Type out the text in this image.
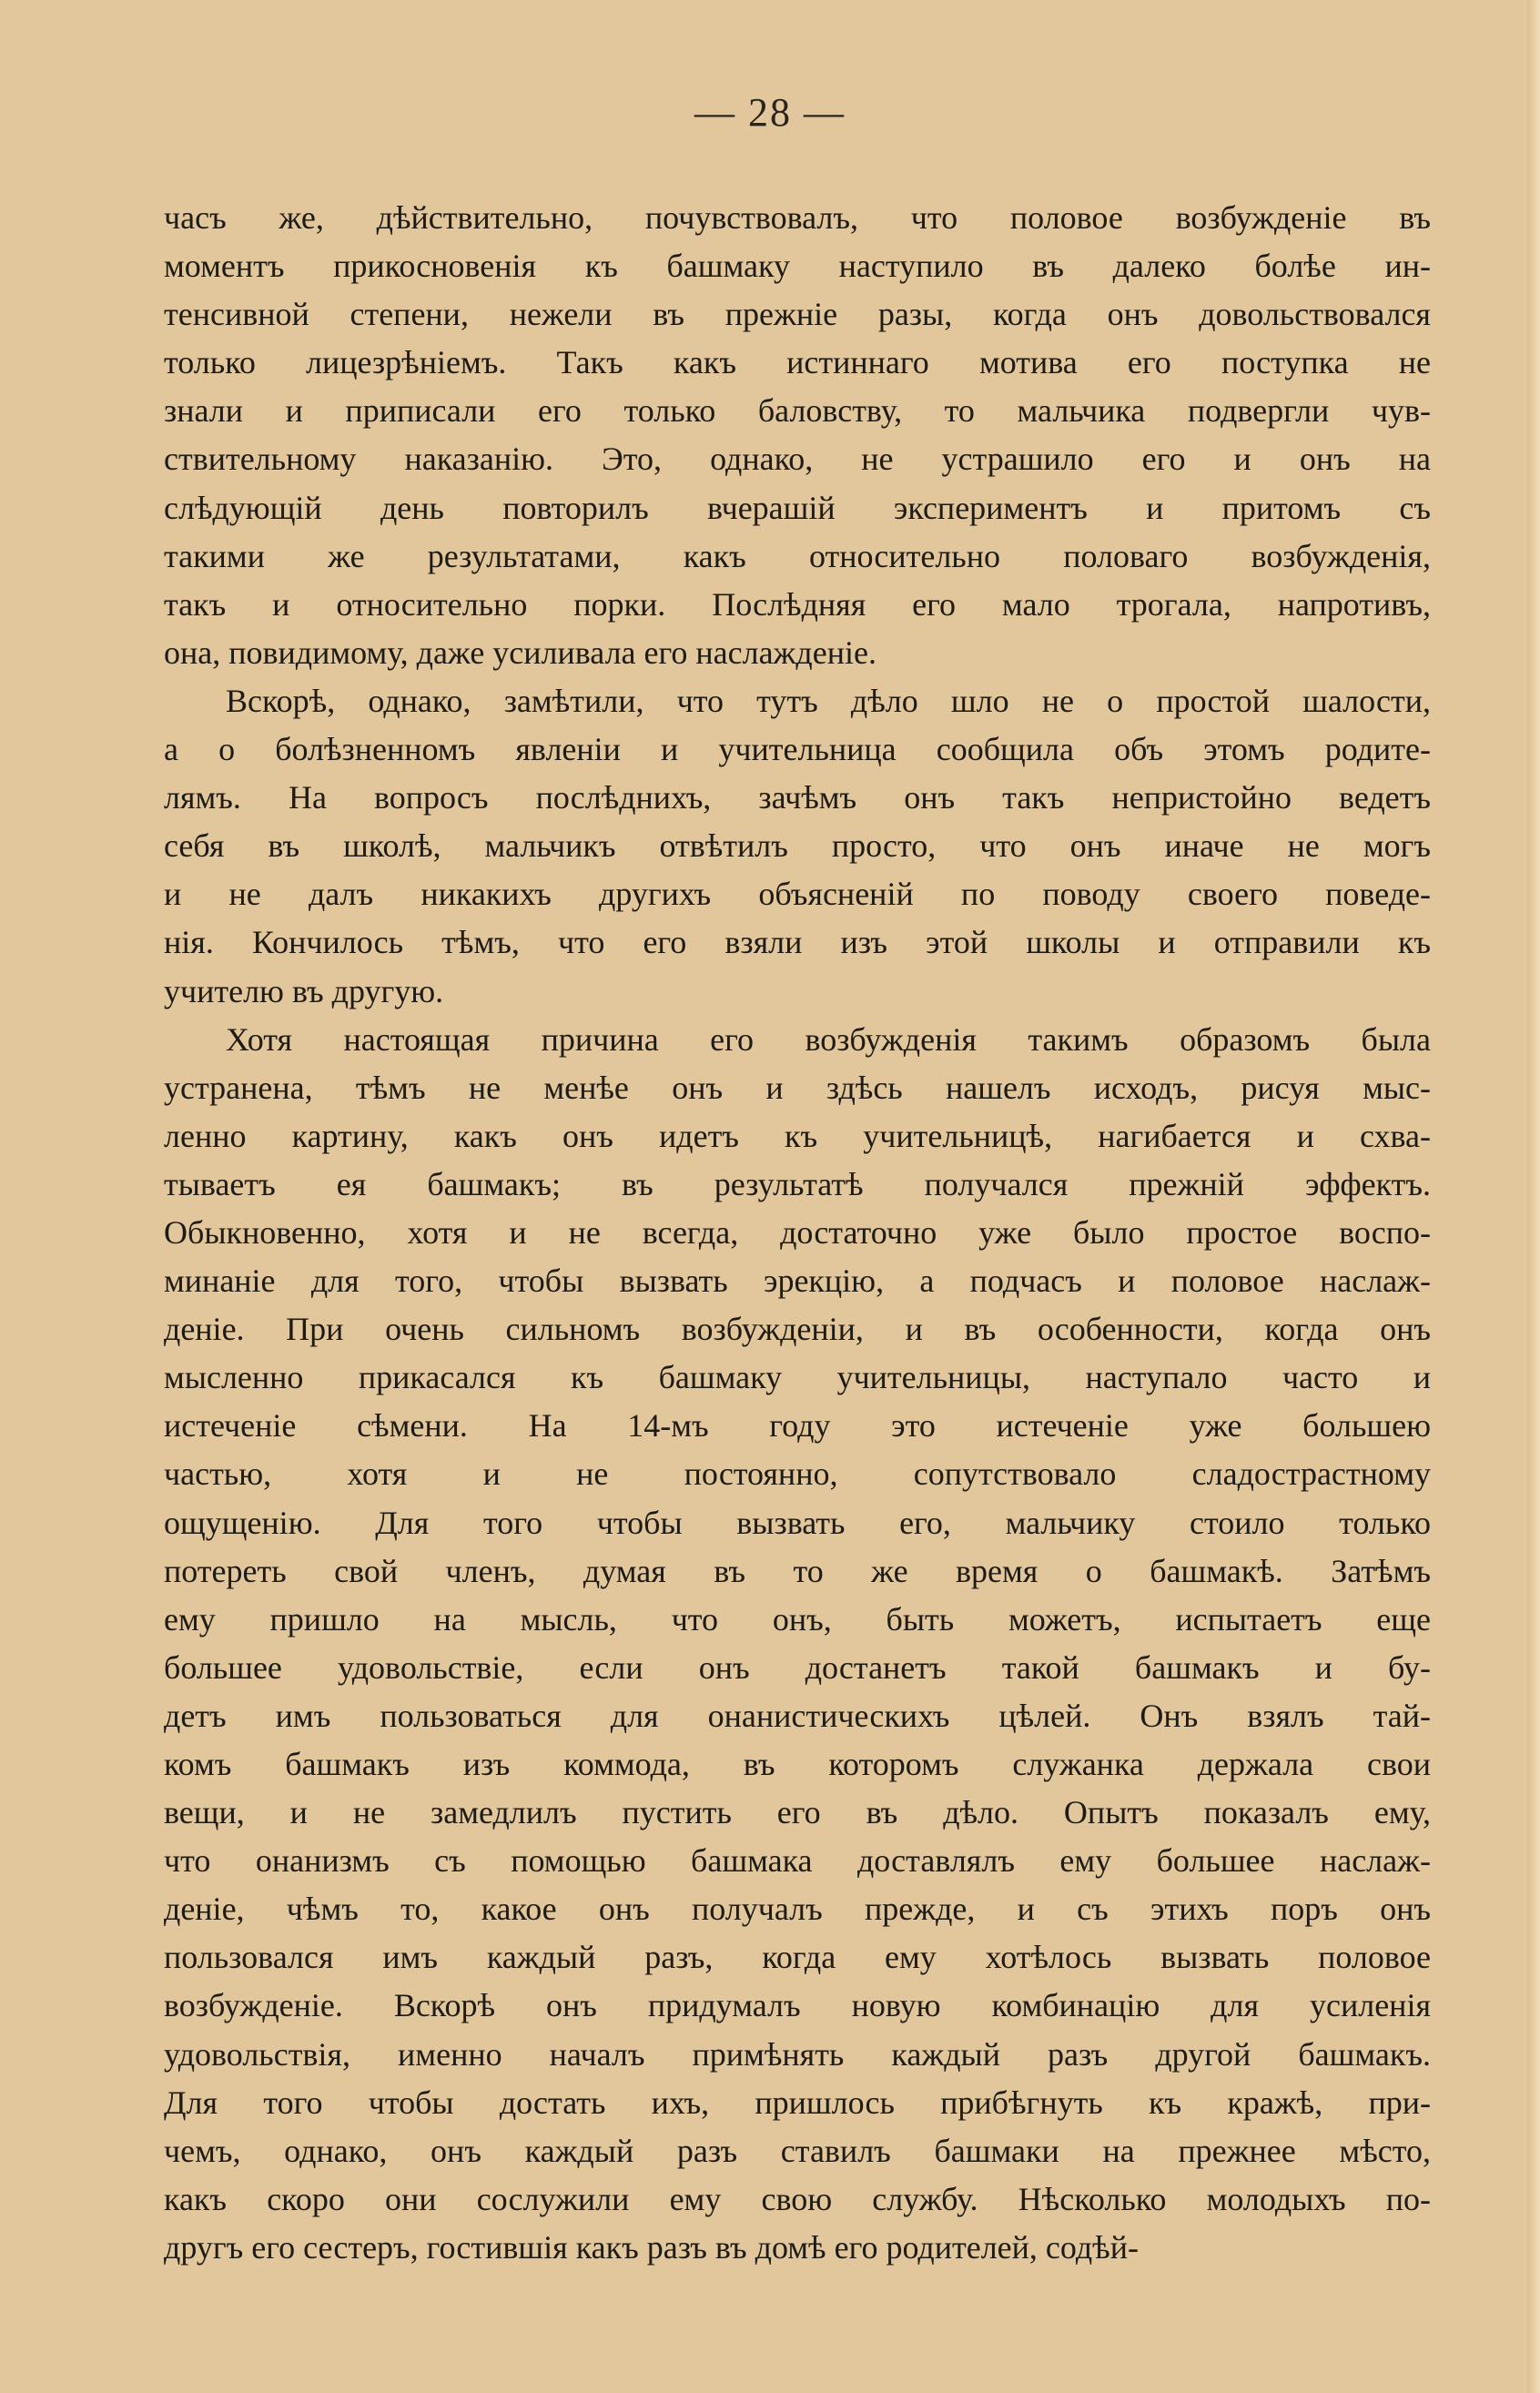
— 28 —
часъ же, дѣйствительно, почувствовалъ, что половое возбужденіе въ
моментъ прикосновенія къ башмаку наступило въ далеко болѣе ин-
тенсивной степени, нежели въ прежніе разы, когда онъ довольствовался
только лицезрѣніемъ. Такъ какъ истиннаго мотива его поступка не
знали и приписали его только баловству, то мальчика подвергли чув-
ствительному наказанію. Это, однако, не устрашило его и онъ на
слѣдующій день повторилъ вчерашій экспериментъ и притомъ съ
такими же результатами, какъ относительно половаго возбужденія,
такъ и относительно порки. Послѣдняя его мало трогала, напротивъ,
она, повидимому, даже усиливала его наслажденіе.
Вскорѣ, однако, замѣтили, что тутъ дѣло шло не о простой шалости,
а о болѣзненномъ явленіи и учительница сообщила объ этомъ родите-
лямъ. На вопросъ послѣднихъ, зачѣмъ онъ такъ непристойно ведетъ
себя въ школѣ, мальчикъ отвѣтилъ просто, что онъ иначе не могъ
и не далъ никакихъ другихъ объясненій по поводу своего поведе-
нія. Кончилось тѣмъ, что его взяли изъ этой школы и отправили къ
учителю въ другую.
Хотя настоящая причина его возбужденія такимъ образомъ была
устранена, тѣмъ не менѣе онъ и здѣсь нашелъ исходъ, рисуя мыс-
ленно картину, какъ онъ идетъ къ учительницѣ, нагибается и схва-
тываетъ ея башмакъ; въ результатѣ получался прежній эффектъ.
Обыкновенно, хотя и не всегда, достаточно уже было простое воспо-
минаніе для того, чтобы вызвать эрекцію, а подчасъ и половое наслаж-
деніе. При очень сильномъ возбужденіи, и въ особенности, когда онъ
мысленно прикасался къ башмаку учительницы, наступало часто и
истеченіе сѣмени. На 14-мъ году это истеченіе уже большею
частью, хотя и не постоянно, сопутствовало сладострастному
ощущенію. Для того чтобы вызвать его, мальчику стоило только
потереть свой членъ, думая въ то же время о башмакѣ. Затѣмъ
ему пришло на мысль, что онъ, быть можетъ, испытаетъ еще
большее удовольствіе, если онъ достанетъ такой башмакъ и бу-
детъ имъ пользоваться для онанистическихъ цѣлей. Онъ взялъ тай-
комъ башмакъ изъ коммода, въ которомъ служанка держала свои
вещи, и не замедлилъ пустить его въ дѣло. Опытъ показалъ ему,
что онанизмъ съ помощью башмака доставлялъ ему большее наслаж-
деніе, чѣмъ то, какое онъ получалъ прежде, и съ этихъ поръ онъ
пользовался имъ каждый разъ, когда ему хотѣлось вызвать половое
возбужденіе. Вскорѣ онъ придумалъ новую комбинацію для усиленія
удовольствія, именно началъ примѣнять каждый разъ другой башмакъ.
Для того чтобы достать ихъ, пришлось прибѣгнуть къ кражѣ, при-
чемъ, однако, онъ каждый разъ ставилъ башмаки на прежнее мѣсто,
какъ скоро они сослужили ему свою службу. Нѣсколько молодыхъ по-
другъ его сестеръ, гостившія какъ разъ въ домѣ его родителей, содѣй-
